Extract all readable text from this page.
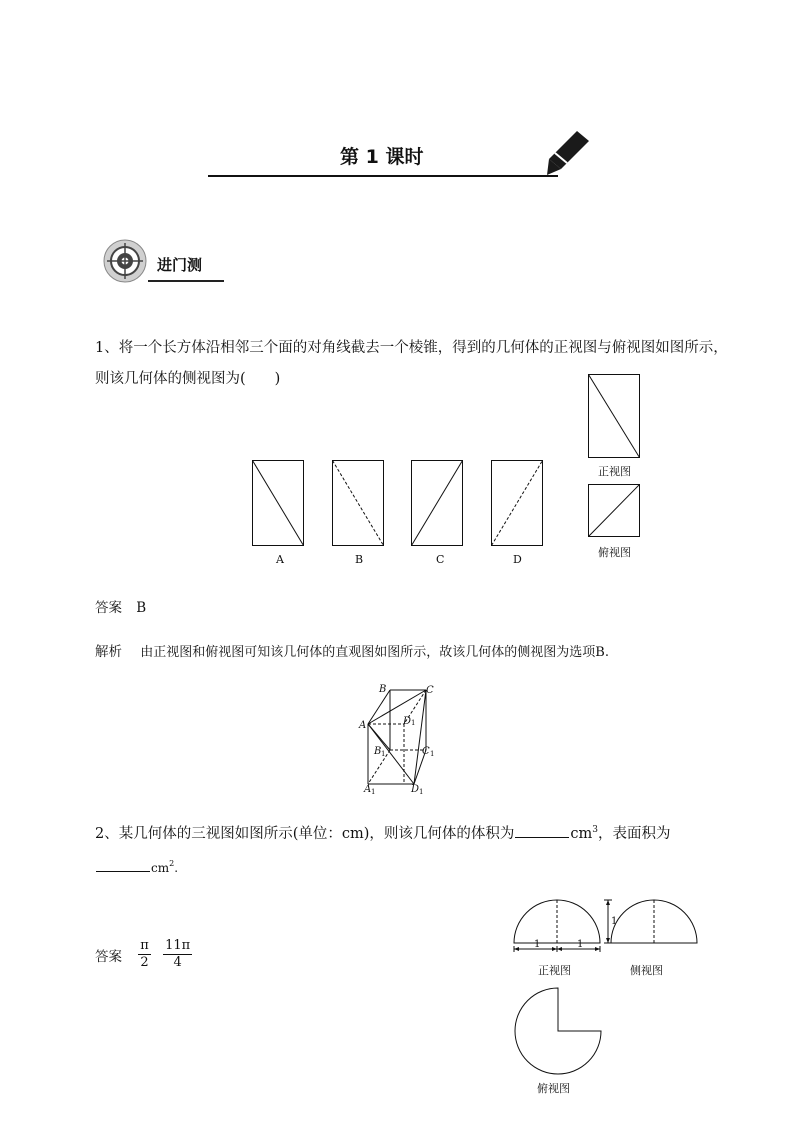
第 1 课时
进门测
1、将一个长方体沿相邻三个面的对角线截去一个棱锥，得到的几何体的正视图与俯视图如图所示，
则该几何体的侧视图为(　　)
正视图
俯视图
A	B	C	D
答案 B
解析 由正视图和俯视图可知该几何体的直观图如图所示，故该几何体的侧视图为选项B.
B	C
A	D
B	C
A	D
1
1	1
1	1
2、某几何体的三视图如图所示(单位：cm)，则该几何体的体积为	$cm^3$，表面积为
$cm^2$.
答案 $\frac{\pi}{2}$
$\frac{11\pi}{4}$	1	1
1
正视图	侧视图
俯视图
